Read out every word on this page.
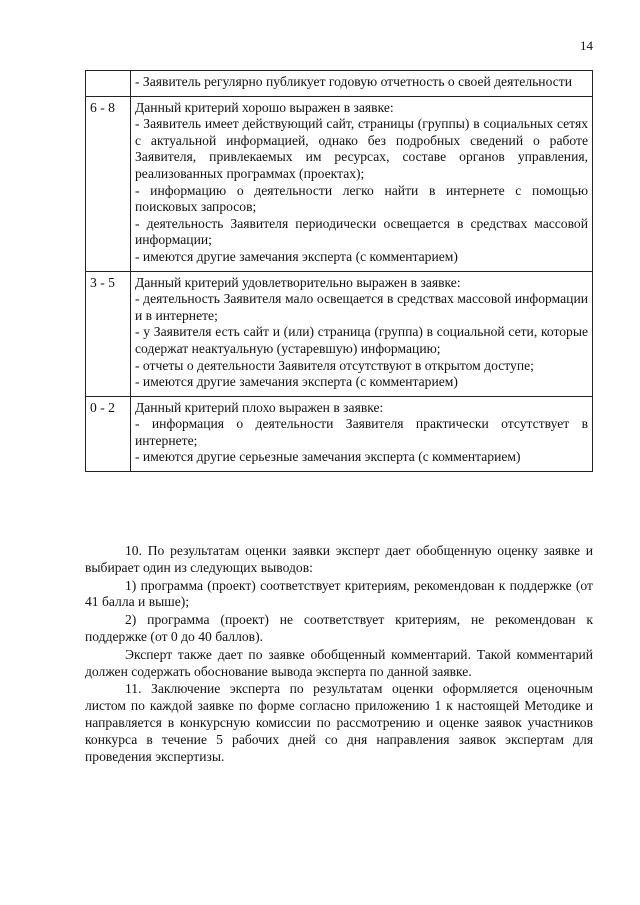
14

	- Заявитель регулярно публикует годовую отчетность о своей деятельности

6 - 8	Данный критерий хорошо выражен в заявке:
- Заявитель имеет действующий сайт, страницы (группы) в социальных сетях с актуальной информацией, однако без подробных сведений о работе Заявителя, привлекаемых им ресурсах, составе органов управления, реализованных программах (проектах);
- информацию о деятельности легко найти в интернете с помощью поисковых запросов;
- деятельность Заявителя периодически освещается в средствах массовой информации;
- имеются другие замечания эксперта (с комментарием)

3 - 5	Данный критерий удовлетворительно выражен в заявке:
- деятельность Заявителя мало освещается в средствах массовой информации и в интернете;
- у Заявителя есть сайт и (или) страница (группа) в социальной сети, которые содержат неактуальную (устаревшую) информацию;
- отчеты о деятельности Заявителя отсутствуют в открытом доступе;
- имеются другие замечания эксперта (с комментарием)

0 - 2	Данный критерий плохо выражен в заявке:
- информация о деятельности Заявителя практически отсутствует в интернете;
- имеются другие серьезные замечания эксперта (с комментарием)

10. По результатам оценки заявки эксперт дает обобщенную оценку заявке и выбирает один из следующих выводов:

1) программа (проект) соответствует критериям, рекомендован к поддержке (от 41 балла и выше);

2) программа (проект) не соответствует критериям, не рекомендован к поддержке (от 0 до 40 баллов).

Эксперт также дает по заявке обобщенный комментарий. Такой комментарий должен содержать обоснование вывода эксперта по данной заявке.

11. Заключение эксперта по результатам оценки оформляется оценочным листом по каждой заявке по форме согласно приложению 1 к настоящей Методике и направляется в конкурсную комиссии по рассмотрению и оценке заявок участников конкурса в течение 5 рабочих дней со дня направления заявок экспертам для проведения экспертизы.
